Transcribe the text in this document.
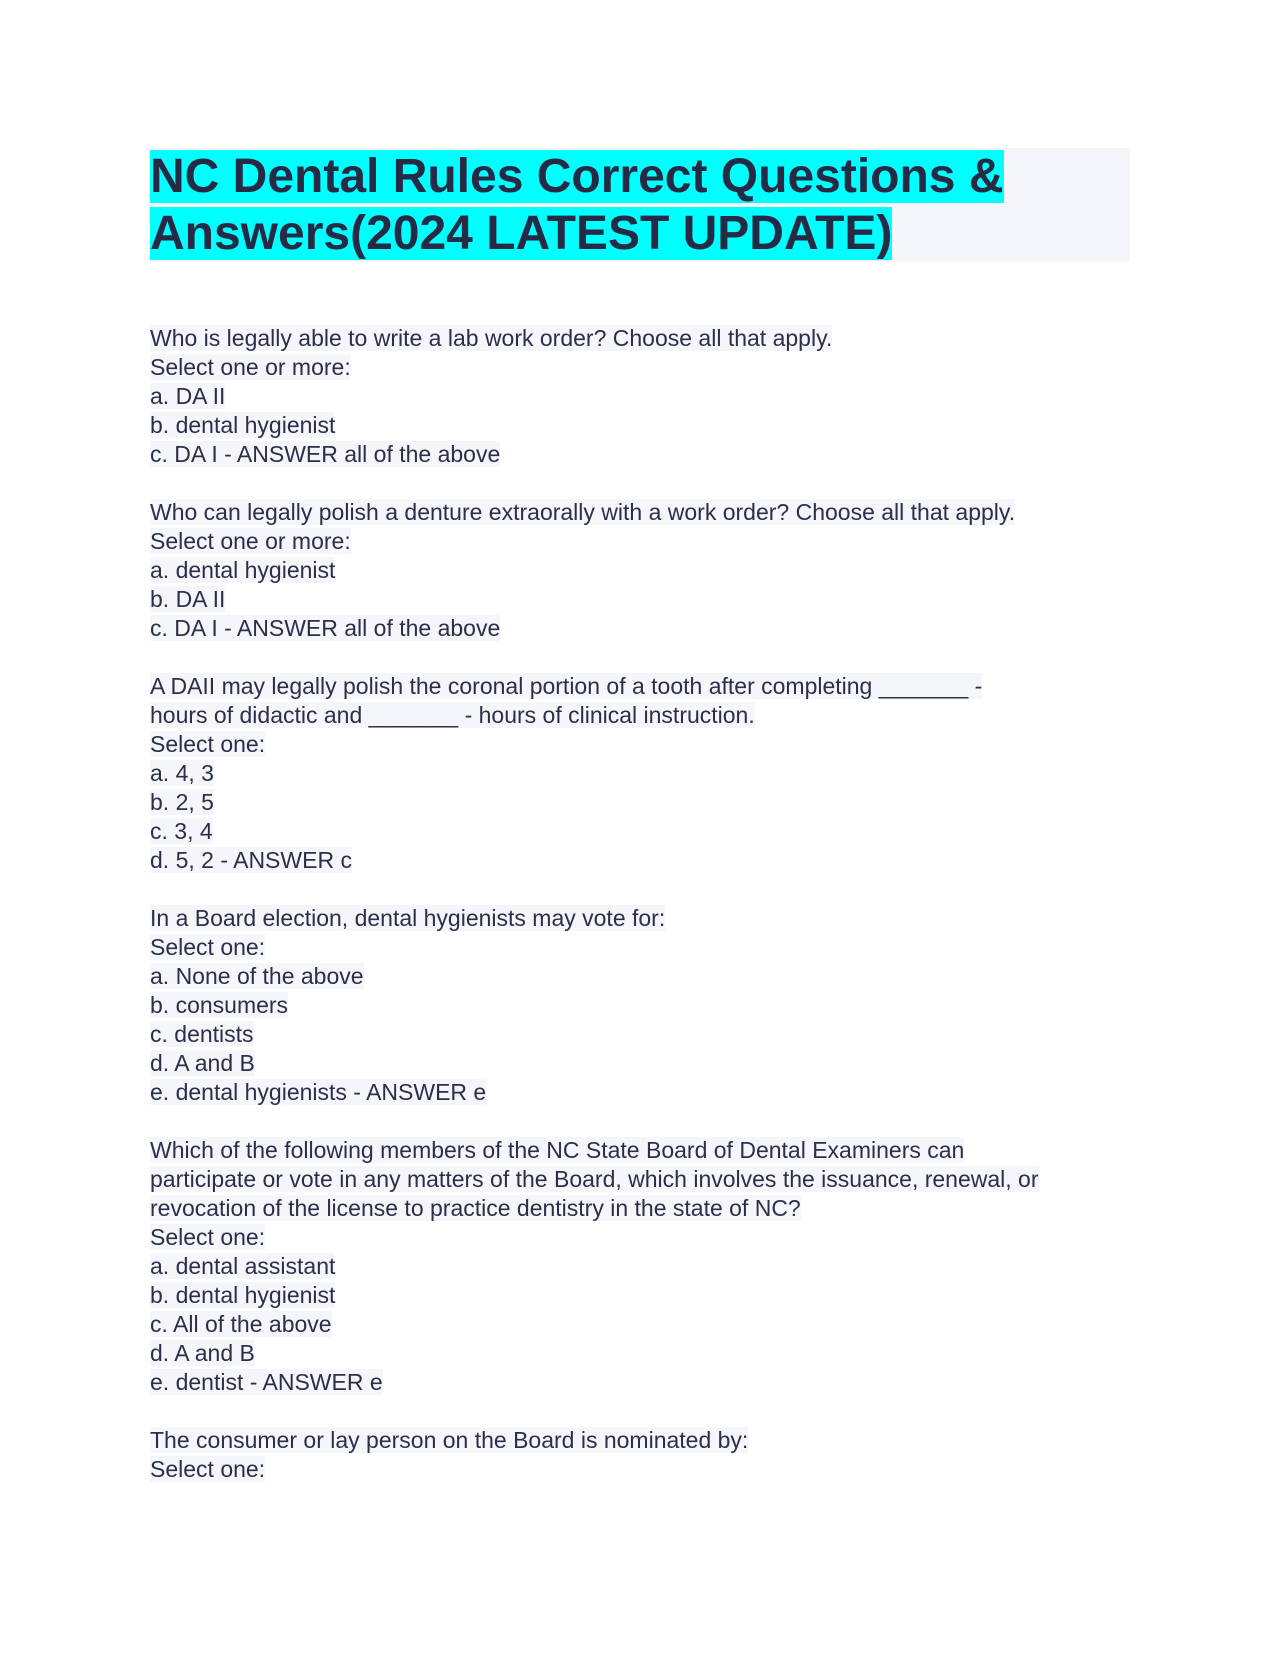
NC Dental Rules Correct Questions &
Answers(2024 LATEST UPDATE)
Who is legally able to write a lab work order? Choose all that apply.
Select one or more:
a. DA II
b. dental hygienist
c. DA I - ANSWER all of the above
Who can legally polish a denture extraorally with a work order? Choose all that apply.
Select one or more:
a. dental hygienist
b. DA II
c. DA I - ANSWER all of the above
A DAII may legally polish the coronal portion of a tooth after completing _______ -
hours of didactic and _______ - hours of clinical instruction.
Select one:
a. 4, 3
b. 2, 5
c. 3, 4
d. 5, 2 - ANSWER c
In a Board election, dental hygienists may vote for:
Select one:
a. None of the above
b. consumers
c. dentists
d. A and B
e. dental hygienists - ANSWER e
Which of the following members of the NC State Board of Dental Examiners can
participate or vote in any matters of the Board, which involves the issuance, renewal, or
revocation of the license to practice dentistry in the state of NC?
Select one:
a. dental assistant
b. dental hygienist
c. All of the above
d. A and B
e. dentist - ANSWER e
The consumer or lay person on the Board is nominated by:
Select one:
